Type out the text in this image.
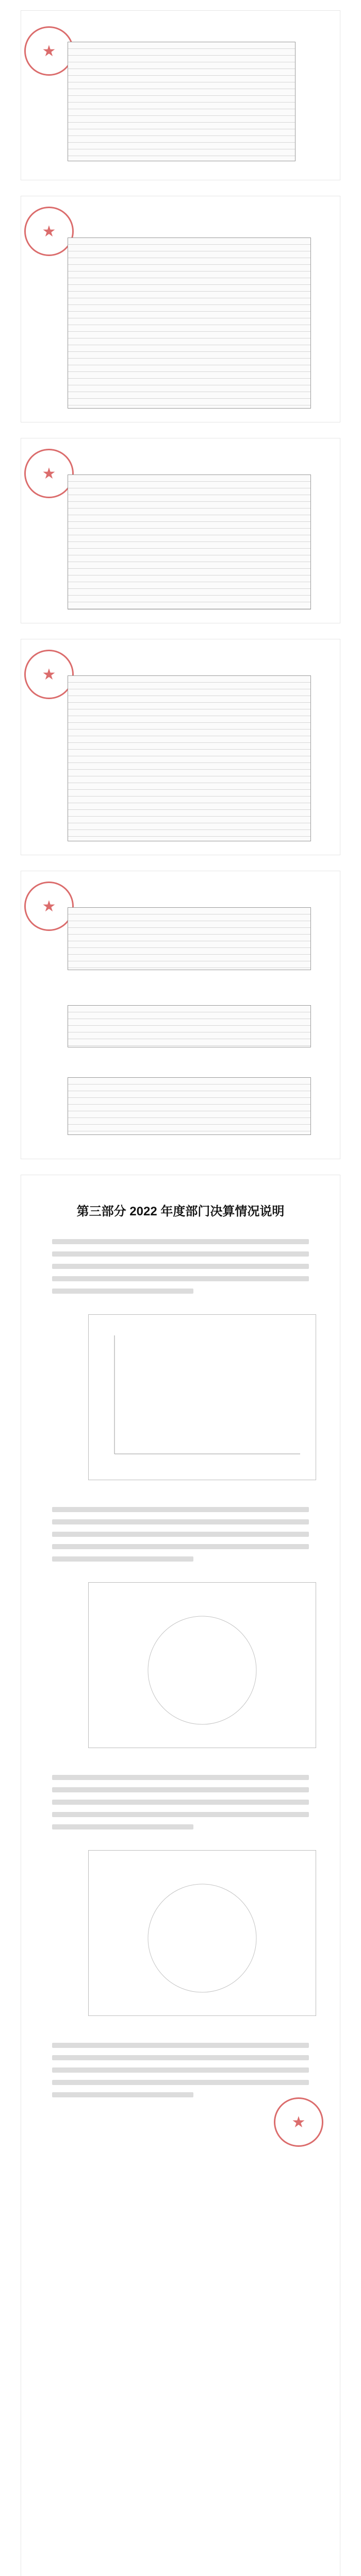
★
★
★
★
★
第三部分 2022 年度部门决算情况说明
★
